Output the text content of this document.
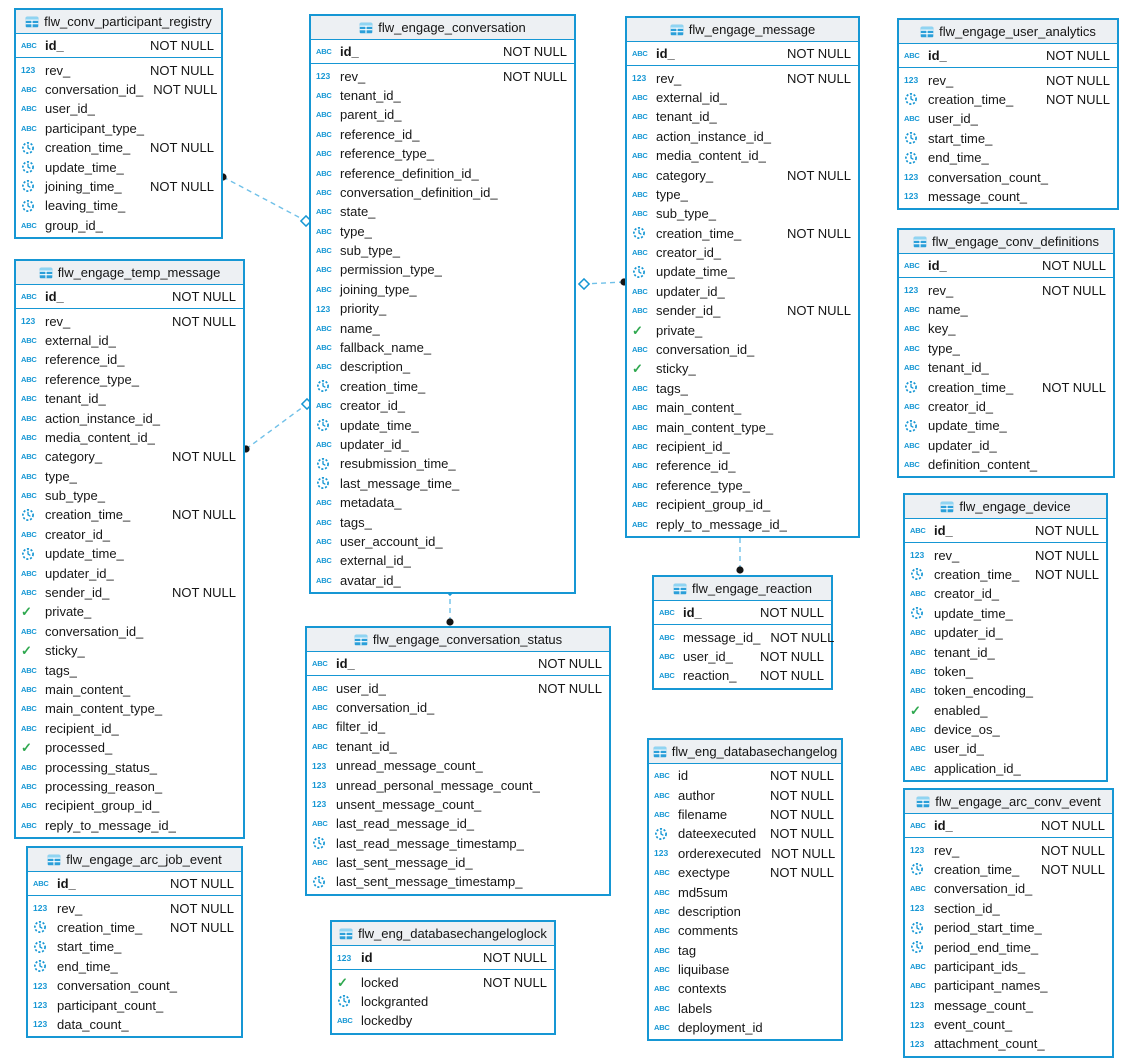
flw_conv_participant_registry
ABC id_	NOT NULL
123 rev_	NOT NULL
ABC conversation_id_ NOT NULL
ABC user_id_
ABC participant_type_
creation_time_	NOT NULL
update_time_
joining_time_	NOT NULL
leaving_time_
ABC group_id_
flw_engage_temp_message
ABC id_	NOT NULL
123 rev_	NOT NULL
ABC external_id_
ABC reference_id_
ABC reference_type_
ABC tenant_id_
ABC action_instance_id_
ABC media_content_id_
ABC category_	NOT NULL
ABC type_
ABC sub_type_
creation_time_	NOT NULL
ABC creator_id_
update_time_
ABC updater_id_
ABC sender_id_	NOT NULL
✓ private_
ABC conversation_id_
✓ sticky_
ABC tags_
ABC main_content_
ABC main_content_type_
ABC recipient_id_
✓ processed_
ABC processing_status_
ABC processing_reason_
ABC recipient_group_id_
ABC reply_to_message_id_
flw_engage_arc_job_event
ABC id_	NOT NULL
123 rev_	NOT NULL
creation_time_	NOT NULL
start_time_
end_time_
123 conversation_count_
123 participant_count_
123 data_count_
flw_engage_conversation
ABC id_	NOT NULL
123 rev_	NOT NULL
ABC tenant_id_
ABC parent_id_
ABC reference_id_
ABC reference_type_
ABC reference_definition_id_
ABC conversation_definition_id_
ABC state_
ABC type_
ABC sub_type_
ABC permission_type_
ABC joining_type_
123 priority_
ABC name_
ABC fallback_name_
ABC description_
creation_time_
ABC creator_id_
update_time_
ABC updater_id_
resubmission_time_
last_message_time_
ABC metadata_
ABC tags_
ABC user_account_id_
ABC external_id_
ABC avatar_id_
flw_engage_conversation_status
ABC id_	NOT NULL
ABC user_id_	NOT NULL
ABC conversation_id_
ABC filter_id_
ABC tenant_id_
123 unread_message_count_
123 unread_personal_message_count_
123 unsent_message_count_
ABC last_read_message_id_
last_read_message_timestamp_
ABC last_sent_message_id_
last_sent_message_timestamp_
flw_eng_databasechangeloglock
123 id	NOT NULL
✓ locked	NOT NULL
lockgranted
ABC lockedby
flw_engage_message
ABC id_	NOT NULL
123 rev_	NOT NULL
ABC external_id_
ABC tenant_id_
ABC action_instance_id_
ABC media_content_id_
ABC category_	NOT NULL
ABC type_
ABC sub_type_
creation_time_	NOT NULL
ABC creator_id_
update_time_
ABC updater_id_
ABC sender_id_	NOT NULL
✓ private_
ABC conversation_id_
✓ sticky_
ABC tags_
ABC main_content_
ABC main_content_type_
ABC recipient_id_
ABC reference_id_
ABC reference_type_
ABC recipient_group_id_
ABC reply_to_message_id_
flw_engage_reaction
ABC id_	NOT NULL
ABC message_id_ NOT NULL
ABC user_id_	NOT NULL
ABC reaction_	NOT NULL
flw_eng_databasechangelog
ABC id	NOT NULL
ABC author	NOT NULL
ABC filename	NOT NULL
dateexecuted	NOT NULL
123 orderexecuted NOT NULL
ABC exectype	NOT NULL
ABC md5sum
ABC description
ABC comments
ABC tag
ABC liquibase
ABC contexts
ABC labels
ABC deployment_id
flw_engage_user_analytics
ABC id_	NOT NULL
123 rev_	NOT NULL
creation_time_	NOT NULL
ABC user_id_
start_time_
end_time_
123 conversation_count_
123 message_count_
flw_engage_conv_definitions
ABC id_	NOT NULL
123 rev_	NOT NULL
ABC name_
ABC key_
ABC type_
ABC tenant_id_
creation_time_	NOT NULL
ABC creator_id_
update_time_
ABC updater_id_
ABC definition_content_
flw_engage_device
ABC id_	NOT NULL
123 rev_	NOT NULL
creation_time_	NOT NULL
ABC creator_id_
update_time_
ABC updater_id_
ABC tenant_id_
ABC token_
ABC token_encoding_
✓ enabled_
ABC device_os_
ABC user_id_
ABC application_id_
flw_engage_arc_conv_event
ABC id_	NOT NULL
123 rev_	NOT NULL
creation_time_	NOT NULL
ABC conversation_id_
123 section_id_
period_start_time_
period_end_time_
ABC participant_ids_
ABC participant_names_
123 message_count_
123 event_count_
123 attachment_count_
